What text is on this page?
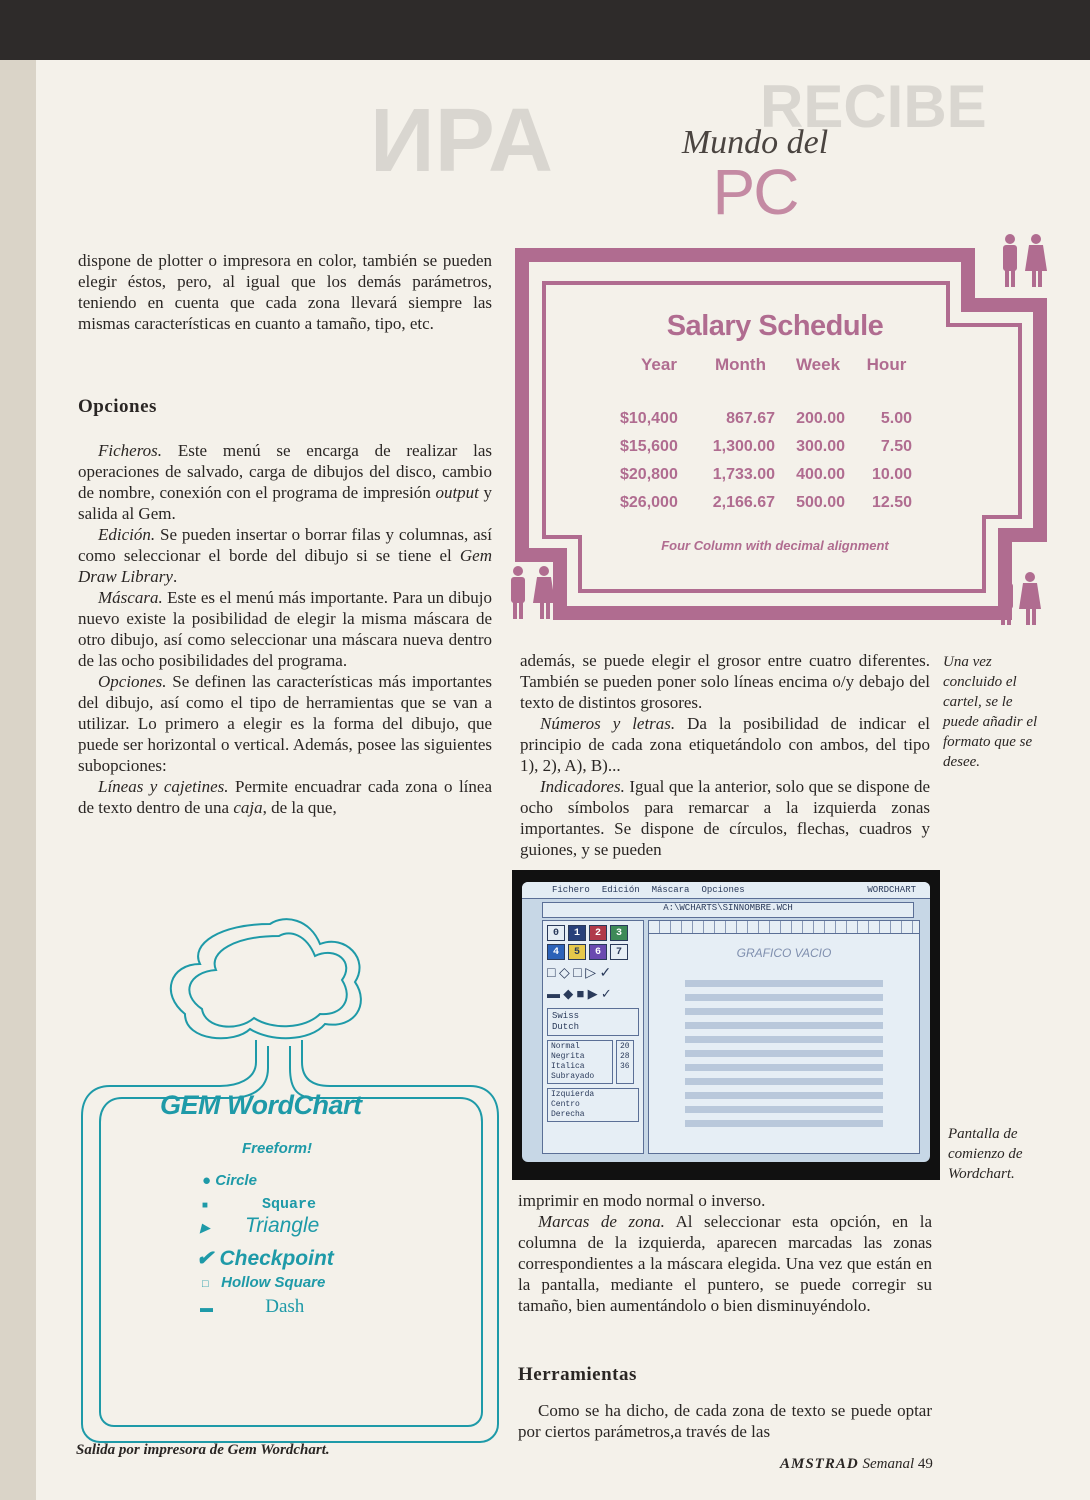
RECIBE
ИPA	Mundo del
PC

dispone de plotter o impresora en color, también se pueden elegir éstos, pero, al igual que los demás parámetros, teniendo en cuenta que cada zona llevará siempre las mismas características en cuanto a tamaño, tipo, etc.

Opciones

Ficheros. Este menú se encarga de realizar las operaciones de salvado, carga de dibujos del disco, cambio de nombre, conexión con el programa de impresión output y salida al Gem.

Edición. Se pueden insertar o borrar filas y columnas, así como seleccionar el borde del dibujo si se tiene el Gem Draw Library.

Máscara. Este es el menú más importante. Para un dibujo nuevo existe la posibilidad de elegir la misma máscara de otro dibujo, así como seleccionar una máscara nueva dentro de las ocho posibilidades del programa.

Opciones. Se definen las características más importantes del dibujo, así como el tipo de herramientas que se van a utilizar. Lo primero a elegir es la forma del dibujo, que puede ser horizontal o vertical. Además, posee las siguientes subopciones:

Líneas y cajetines. Permite encuadrar cada zona o línea de texto dentro de una caja, de la que,

Salary Schedule
Year	Month	Week	Hour
$10,400	867.67	200.00	5.00
$15,600	1,300.00	300.00	7.50
$20,800	1,733.00	400.00	10.00
$26,000	2,166.67	500.00	12.50
Four Column with decimal alignment

además, se puede elegir el grosor entre cuatro diferentes. También se pueden poner solo líneas encima o/y debajo del texto de distintos grosores.

Números y letras. Da la posibilidad de indicar el principio de cada zona etiquetándolo con ambos, del tipo 1), 2), A), B)...

Indicadores. Igual que la anterior, solo que se dispone de ocho símbolos para remarcar a la izquierda zonas importantes. Se dispone de círculos, flechas, cuadros y guiones, y se pueden

Una vez concluido el cartel, se le puede añadir el formato que se desee.
Fichero Edición Máscara Opciones	WORDCHART
A:\WCHARTS\SINNOMBRE.WCH
0	1	2	3
4	5	6	7
□ ◇ □ ▷ ✓
▬ ◆ ■ ▶ ✓
Swiss
Dutch
Normal
Negrita
Italica
Subrayado
20
28
36
Izquierda
Centro
Derecha
GRAFICO VACIO
Pantalla de comienzo de Wordchart.

imprimir en modo normal o inverso.

Marcas de zona. Al seleccionar esta opción, en la columna de la izquierda, aparecen marcadas las zonas correspondientes a la máscara elegida. Una vez que están en la pantalla, mediante el puntero, se puede corregir su tamaño, bien aumentándolo o bien disminuyéndolo.

Herramientas

Como se ha dicho, de cada zona de texto se puede optar por ciertos parámetros,a través de las

GEM WordChart
Freeform!
● Circle
■	Square
▶ Triangle
✔ Checkpoint
□ Hollow Square
▬	Dash
Salida por impresora de Gem Wordchart.
AMSTRAD Semanal 49
